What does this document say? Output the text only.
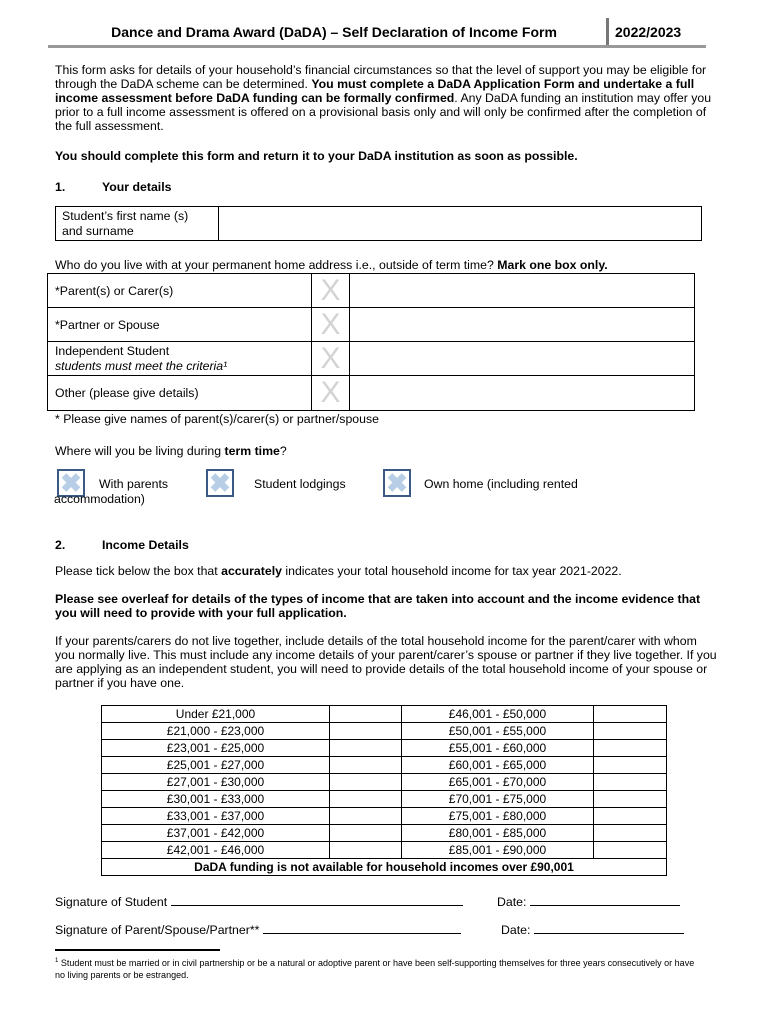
Dance and Drama Award (DaDA) – Self Declaration of Income Form	2022/2023

This form asks for details of your household’s financial circumstances so that the level of support you may be eligible for through the DaDA scheme can be determined. You must complete a DaDA Application Form and undertake a full income assessment before DaDA funding can be formally confirmed. Any DaDA funding an institution may offer you prior to a full income assessment is offered on a provisional basis only and will only be confirmed after the completion of the full assessment.

You should complete this form and return it to your DaDA institution as soon as possible.

1.	Your details
Student’s first name (s) and surname	

Who do you live with at your permanent home address i.e., outside of term time? Mark one box only.

*Parent(s) or Carer(s)	X	
*Partner or Spouse	X	

Independent Student
students must meet the criteria¹	X	
Other (please give details)	X	

* Please give names of parent(s)/carer(s) or partner/spouse

Where will you be living during term time?

✖ With parents
accommodation)
✖ Student lodgings ✖ Own home (including rented
2.	Income Details

Please tick below the box that accurately indicates your total household income for tax year 2021-2022.

Please see overleaf for details of the types of income that are taken into account and the income evidence that you will need to provide with your full application.

If your parents/carers do not live together, include details of the total household income for the parent/carer with whom you normally live. This must include any income details of your parent/carer’s spouse or partner if they live together. If you are applying as an independent student, you will need to provide details of the total household income of your spouse or partner if you have one.

Under £21,000		£46,001 - £50,000	
£21,000 - £23,000		£50,001 - £55,000	
£23,001 - £25,000		£55,001 - £60,000	
£25,001 - £27,000		£60,001 - £65,000	
£27,001 - £30,000		£65,001 - £70,000	
£30,001 - £33,000		£70,001 - £75,000	
£33,001 - £37,000		£75,001 - £80,000	
£37,001 - £42,000		£80,001 - £85,000	
£42,001 - £46,000		£85,001 - £90,000	
DaDA funding is not available for household incomes over £90,001			
Signature of Student	Date:
Signature of Parent/Spouse/Partner**	Date:

$^1$ Student must be married or in civil partnership or be a natural or adoptive parent or have been self-supporting themselves for three years consecutively or have no living parents or be estranged.
